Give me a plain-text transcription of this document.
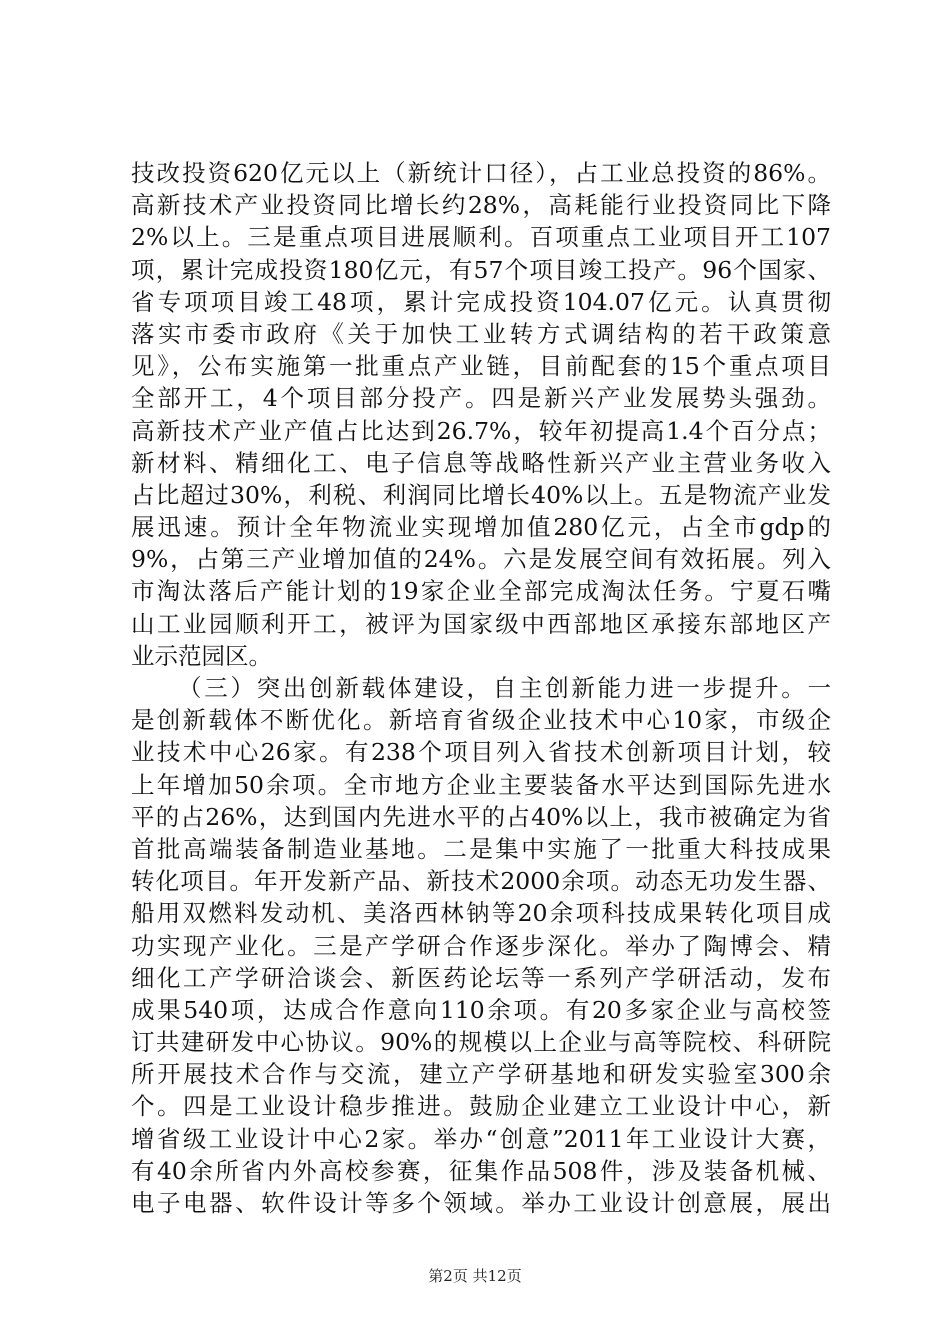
技改投资620亿元以上（新统计口径），占工业总投资的86%。
高新技术产业投资同比增长约28%，高耗能行业投资同比下降
2%以上。三是重点项目进展顺利。百项重点工业项目开工107
项，累计完成投资180亿元，有57个项目竣工投产。96个国家、
省专项项目竣工48项，累计完成投资104.07亿元。认真贯彻
落实市委市政府《关于加快工业转方式调结构的若干政策意
见》，公布实施第一批重点产业链，目前配套的15个重点项目
全部开工，4个项目部分投产。四是新兴产业发展势头强劲。
高新技术产业产值占比达到26.7%，较年初提高1.4个百分点；
新材料、精细化工、电子信息等战略性新兴产业主营业务收入
占比超过30%，利税、利润同比增长40%以上。五是物流产业发
展迅速。预计全年物流业实现增加值280亿元，占全市gdp的
9%，占第三产业增加值的24%。六是发展空间有效拓展。列入
市淘汰落后产能计划的19家企业全部完成淘汰任务。宁夏石嘴
山工业园顺利开工，被评为国家级中西部地区承接东部地区产
业示范园区。
（三）突出创新载体建设，自主创新能力进一步提升。一
是创新载体不断优化。新培育省级企业技术中心10家，市级企
业技术中心26家。有238个项目列入省技术创新项目计划，较
上年增加50余项。全市地方企业主要装备水平达到国际先进水
平的占26%，达到国内先进水平的占40%以上，我市被确定为省
首批高端装备制造业基地。二是集中实施了一批重大科技成果
转化项目。年开发新产品、新技术2000余项。动态无功发生器、
船用双燃料发动机、美洛西林钠等20余项科技成果转化项目成
功实现产业化。三是产学研合作逐步深化。举办了陶博会、精
细化工产学研洽谈会、新医药论坛等一系列产学研活动，发布
成果540项，达成合作意向110余项。有20多家企业与高校签
订共建研发中心协议。90%的规模以上企业与高等院校、科研院
所开展技术合作与交流，建立产学研基地和研发实验室300余
个。四是工业设计稳步推进。鼓励企业建立工业设计中心，新
增省级工业设计中心2家。举办“创意”2011年工业设计大赛，
有40余所省内外高校参赛，征集作品508件，涉及装备机械、
电子电器、软件设计等多个领域。举办工业设计创意展，展出
第2页 共12页
